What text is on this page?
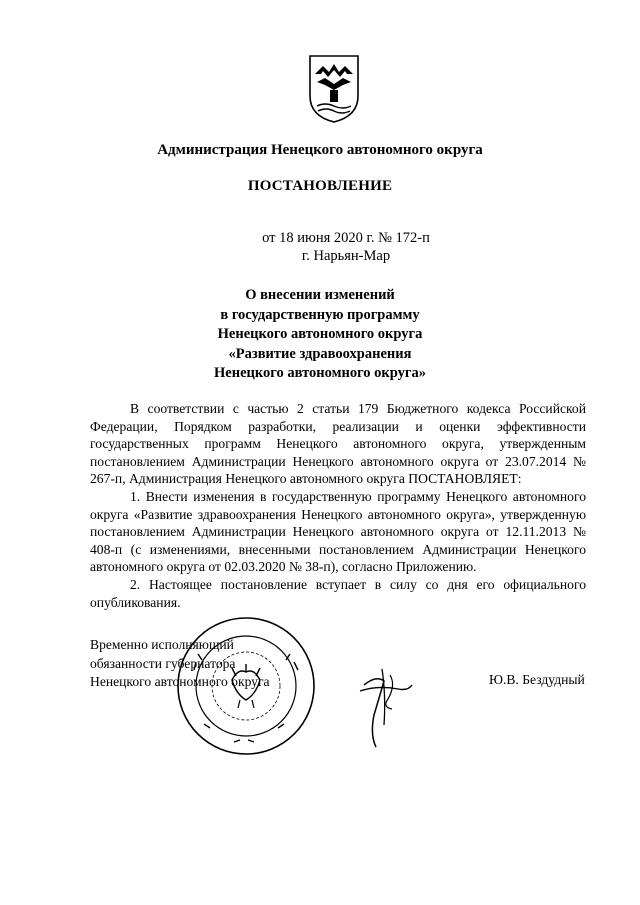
Администрация Ненецкого автономного округа
ПОСТАНОВЛЕНИЕ
от 18 июня 2020 г. № 172-п
г. Нарьян-Мар
О внесении изменений
в государственную программу
Ненецкого автономного округа
«Развитие здравоохранения
Ненецкого автономного округа»

В соответствии с частью 2 статьи 179 Бюджетного кодекса Российской Федерации, Порядком разработки, реализации и оценки эффективности государственных программ Ненецкого автономного округа, утвержденным постановлением Администрации Ненецкого автономного округа от 23.07.2014 № 267-п, Администрация Ненецкого автономного округа ПОСТАНОВЛЯЕТ:

1. Внести изменения в государственную программу Ненецкого автономного округа «Развитие здравоохранения Ненецкого автономного округа», утвержденную постановлением Администрации Ненецкого автономного округа от 12.11.2013 № 408-п (с изменениями, внесенными постановлением Администрации Ненецкого автономного округа от 02.03.2020 № 38-п), согласно Приложению.

2. Настоящее постановление вступает в силу со дня его официального опубликования.

Временно исполняющий
обязанности губернатора
Ненецкого автономного округа	Ю.В. Бездудный
